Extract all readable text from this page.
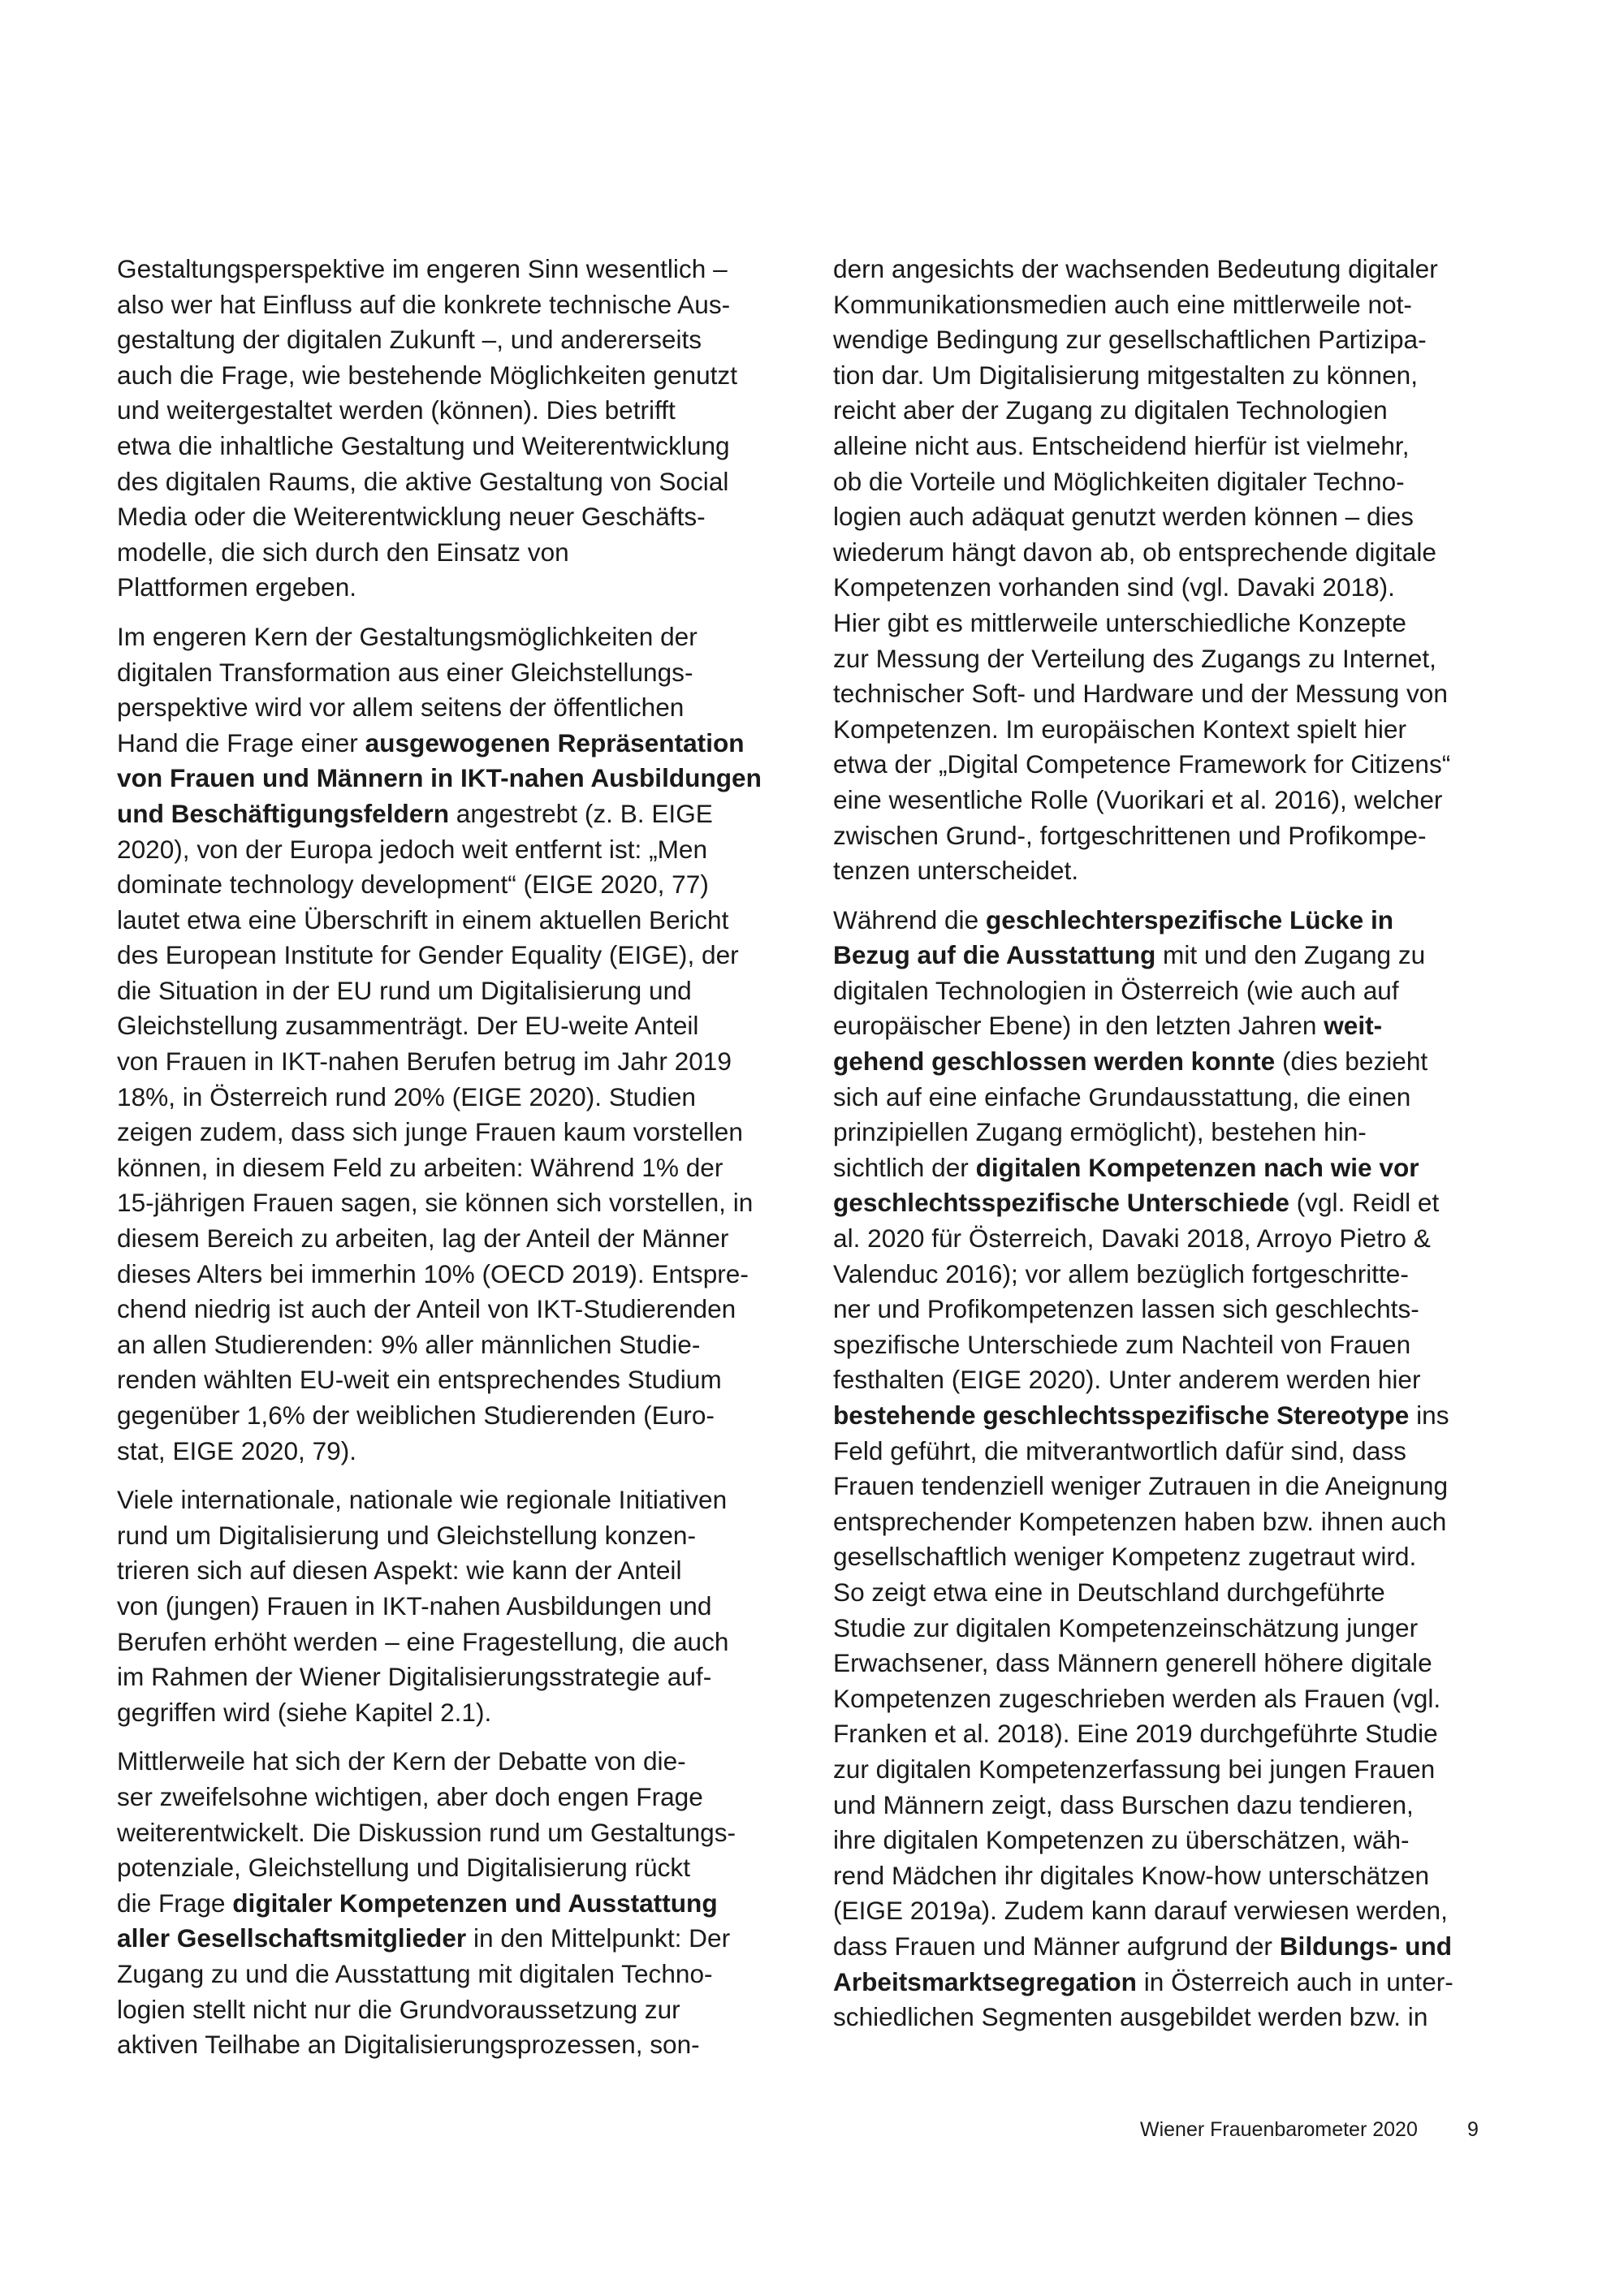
Gestaltungsperspektive im engeren Sinn wesentlich –
also wer hat Einfluss auf die konkrete technische Aus-
gestaltung der digitalen Zukunft –, und andererseits
auch die Frage, wie bestehende Möglichkeiten genutzt
und weitergestaltet werden (können). Dies betrifft
etwa die inhaltliche Gestaltung und Weiterentwicklung
des digitalen Raums, die aktive Gestaltung von Social
Media oder die Weiterentwicklung neuer Geschäfts-
modelle, die sich durch den Einsatz von
Plattformen ergeben.

Im engeren Kern der Gestaltungsmöglichkeiten der
digitalen Transformation aus einer Gleichstellungs-
perspektive wird vor allem seitens der öffentlichen
Hand die Frage einer ausgewogenen Repräsentation
von Frauen und Männern in IKT-nahen Ausbildungen
und Beschäftigungsfeldern angestrebt (z. B. EIGE
2020), von der Europa jedoch weit entfernt ist: „Men
dominate technology development“ (EIGE 2020, 77)
lautet etwa eine Überschrift in einem aktuellen Bericht
des European Institute for Gender Equality (EIGE), der
die Situation in der EU rund um Digitalisierung und
Gleichstellung zusammenträgt. Der EU-weite Anteil
von Frauen in IKT-nahen Berufen betrug im Jahr 2019
18%, in Österreich rund 20% (EIGE 2020). Studien
zeigen zudem, dass sich junge Frauen kaum vorstellen
können, in diesem Feld zu arbeiten: Während 1% der
15-jährigen Frauen sagen, sie können sich vorstellen, in
diesem Bereich zu arbeiten, lag der Anteil der Männer
dieses Alters bei immerhin 10% (OECD 2019). Entspre-
chend niedrig ist auch der Anteil von IKT-Studierenden
an allen Studierenden: 9% aller männlichen Studie-
renden wählten EU-weit ein entsprechendes Studium
gegenüber 1,6% der weiblichen Studierenden (Euro-
stat, EIGE 2020, 79).

Viele internationale, nationale wie regionale Initiativen
rund um Digitalisierung und Gleichstellung konzen-
trieren sich auf diesen Aspekt: wie kann der Anteil
von (jungen) Frauen in IKT-nahen Ausbildungen und
Berufen erhöht werden – eine Fragestellung, die auch
im Rahmen der Wiener Digitalisierungsstrategie auf-
gegriffen wird (siehe Kapitel 2.1).

Mittlerweile hat sich der Kern der Debatte von die-
ser zweifelsohne wichtigen, aber doch engen Frage
weiterentwickelt. Die Diskussion rund um Gestaltungs-
potenziale, Gleichstellung und Digitalisierung rückt
die Frage digitaler Kompetenzen und Ausstattung
aller Gesellschaftsmitglieder in den Mittelpunkt: Der
Zugang zu und die Ausstattung mit digitalen Techno-
logien stellt nicht nur die Grundvoraussetzung zur
aktiven Teilhabe an Digitalisierungsprozessen, son-

dern angesichts der wachsenden Bedeutung digitaler
Kommunikationsmedien auch eine mittlerweile not-
wendige Bedingung zur gesellschaftlichen Partizipa-
tion dar. Um Digitalisierung mitgestalten zu können,
reicht aber der Zugang zu digitalen Technologien
alleine nicht aus. Entscheidend hierfür ist vielmehr,
ob die Vorteile und Möglichkeiten digitaler Techno-
logien auch adäquat genutzt werden können – dies
wiederum hängt davon ab, ob entsprechende digitale
Kompetenzen vorhanden sind (vgl. Davaki 2018).
Hier gibt es mittlerweile unterschiedliche Konzepte
zur Messung der Verteilung des Zugangs zu Internet,
technischer Soft- und Hardware und der Messung von
Kompetenzen. Im europäischen Kontext spielt hier
etwa der „Digital Competence Framework for Citizens“
eine wesentliche Rolle (Vuorikari et al. 2016), welcher
zwischen Grund-, fortgeschrittenen und Profikompe-
tenzen unterscheidet.

Während die geschlechterspezifische Lücke in
Bezug auf die Ausstattung mit und den Zugang zu
digitalen Technologien in Österreich (wie auch auf
europäischer Ebene) in den letzten Jahren weit-
gehend geschlossen werden konnte (dies bezieht
sich auf eine einfache Grundausstattung, die einen
prinzipiellen Zugang ermöglicht), bestehen hin-
sichtlich der digitalen Kompetenzen nach wie vor
geschlechtsspezifische Unterschiede (vgl. Reidl et
al. 2020 für Österreich, Davaki 2018, Arroyo Pietro &
Valenduc 2016); vor allem bezüglich fortgeschritte-
ner und Profikompetenzen lassen sich geschlechts-
spezifische Unterschiede zum Nachteil von Frauen
festhalten (EIGE 2020). Unter anderem werden hier
bestehende geschlechtsspezifische Stereotype ins
Feld geführt, die mitverantwortlich dafür sind, dass
Frauen tendenziell weniger Zutrauen in die Aneignung
entsprechender Kompetenzen haben bzw. ihnen auch
gesellschaftlich weniger Kompetenz zugetraut wird.
So zeigt etwa eine in Deutschland durchgeführte
Studie zur digitalen Kompetenzeinschätzung junger
Erwachsener, dass Männern generell höhere digitale
Kompetenzen zugeschrieben werden als Frauen (vgl.
Franken et al. 2018). Eine 2019 durchgeführte Studie
zur digitalen Kompetenzerfassung bei jungen Frauen
und Männern zeigt, dass Burschen dazu tendieren,
ihre digitalen Kompetenzen zu überschätzen, wäh-
rend Mädchen ihr digitales Know-how unterschätzen
(EIGE 2019a). Zudem kann darauf verwiesen werden,
dass Frauen und Männer aufgrund der Bildungs- und
Arbeitsmarktsegregation in Österreich auch in unter-
schiedlichen Segmenten ausgebildet werden bzw. in

Wiener Frauenbarometer 2020 9
